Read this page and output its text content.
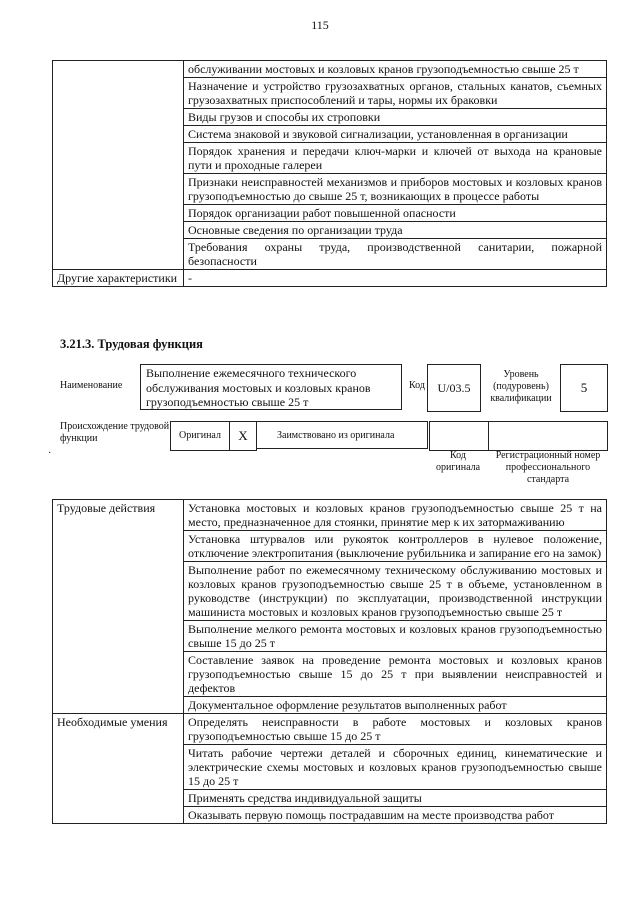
115
	обслуживании мостовых и козловых кранов грузоподъемностью свыше 25 т
	Назначение и устройство грузозахватных органов, стальных канатов, съемных грузозахватных приспособлений и тары, нормы их браковки
	Виды грузов и способы их строповки
	Система знаковой и звуковой сигнализации, установленная в организации
	Порядок хранения и передачи ключ-марки и ключей от выхода на крановые пути и проходные галереи
	Признаки неисправностей механизмов и приборов мостовых и козловых кранов грузоподъемностью до свыше 25 т, возникающих в процессе работы
	Порядок организации работ повышенной опасности
	Основные сведения по организации труда
	Требования охраны труда, производственной санитарии, пожарной безопасности
Другие характеристики	-
3.21.3. Трудовая функция
Наименование
Выполнение ежемесячного технического обслуживания мостовых и козловых кранов грузоподъемностью свыше 25 т
Код	U/03.5
Уровень (подуровень) квалификации
5
Происхождение трудовой функции
·
Оригинал	X	Заимствовано из оригинала
Код оригинала
Регистрационный номер профессионального стандарта
Трудовые действия	Установка мостовых и козловых кранов грузоподъемностью свыше 25 т на место, предназначенное для стоянки, принятие мер к их затормаживанию
	Установка штурвалов или рукояток контроллеров в нулевое положение, отключение электропитания (выключение рубильника и запирание его на замок)
	Выполнение работ по ежемесячному техническому обслуживанию мостовых и козловых кранов грузоподъемностью свыше 25 т в объеме, установленном в руководстве (инструкции) по эксплуатации, производственной инструкции машиниста мостовых и козловых кранов грузоподъемностью свыше 25 т
	Выполнение мелкого ремонта мостовых и козловых кранов грузоподъемностью свыше 15 до 25 т
	Составление заявок на проведение ремонта мостовых и козловых кранов грузоподъемностью свыше 15 до 25 т при выявлении неисправностей и дефектов
	Документальное оформление результатов выполненных работ
Необходимые умения	Определять неисправности в работе мостовых и козловых кранов грузоподъемностью свыше 15 до 25 т
	Читать рабочие чертежи деталей и сборочных единиц, кинематические и электрические схемы мостовых и козловых кранов грузоподъемностью свыше 15 до 25 т
	Применять средства индивидуальной защиты
	Оказывать первую помощь пострадавшим на месте производства работ
